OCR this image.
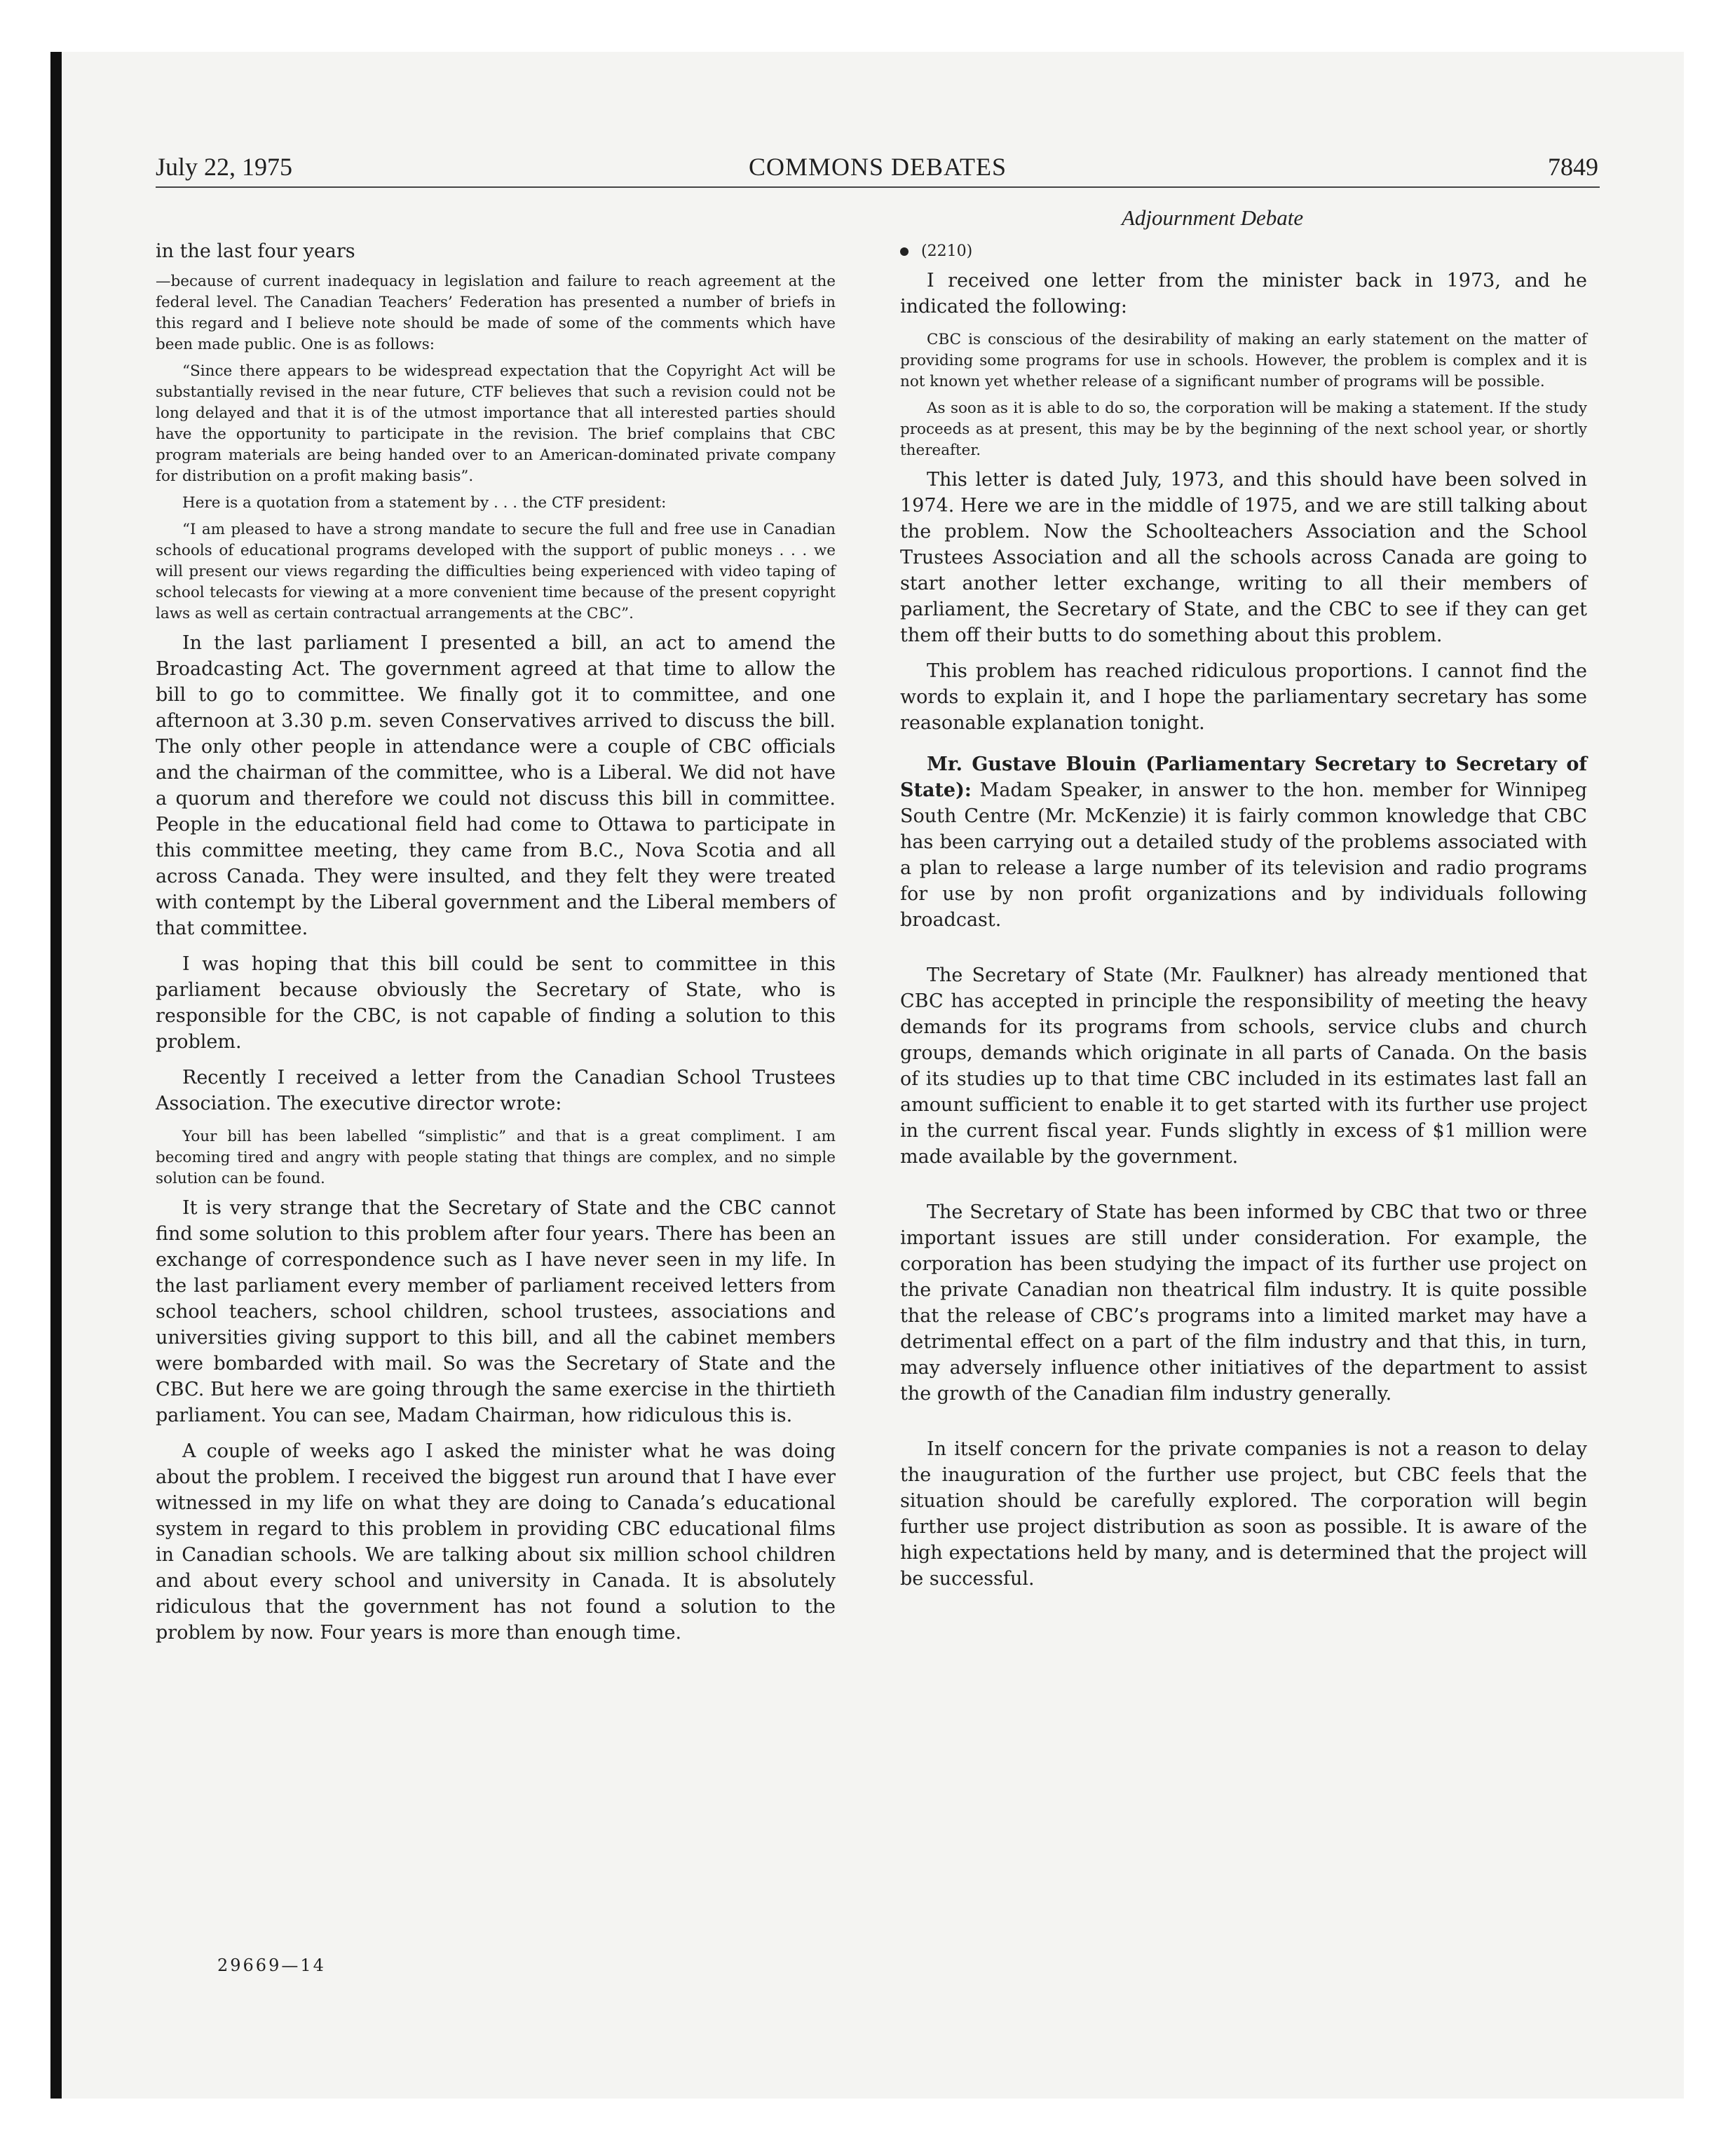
July 22, 1975	COMMONS DEBATES	7849
Adjournment Debate

in the last four years

—because of current inadequacy in legislation and failure to reach agreement at the federal level. The Canadian Teachers’ Federation has presented a number of briefs in this regard and I believe note should be made of some of the comments which have been made public. One is as follows:

“Since there appears to be widespread expectation that the Copyright Act will be substantially revised in the near future, CTF believes that such a revision could not be long delayed and that it is of the utmost importance that all interested parties should have the opportunity to participate in the revision. The brief complains that CBC program materials are being handed over to an American-dominated private company for distribution on a profit making basis”.

Here is a quotation from a statement by . . . the CTF president:

“I am pleased to have a strong mandate to secure the full and free use in Canadian schools of educational programs developed with the support of public moneys . . . we will present our views regarding the difficulties being experienced with video taping of school telecasts for viewing at a more convenient time because of the present copyright laws as well as certain contractual arrangements at the CBC”.

In the last parliament I presented a bill, an act to amend the Broadcasting Act. The government agreed at that time to allow the bill to go to committee. We finally got it to committee, and one afternoon at 3.30 p.m. seven Conservatives arrived to discuss the bill. The only other people in attendance were a couple of CBC officials and the chairman of the committee, who is a Liberal. We did not have a quorum and therefore we could not discuss this bill in committee. People in the educational field had come to Ottawa to participate in this committee meeting, they came from B.C., Nova Scotia and all across Canada. They were insulted, and they felt they were treated with contempt by the Liberal government and the Liberal members of that committee.

I was hoping that this bill could be sent to committee in this parliament because obviously the Secretary of State, who is responsible for the CBC, is not capable of finding a solution to this problem.

Recently I received a letter from the Canadian School Trustees Association. The executive director wrote:

Your bill has been labelled “simplistic” and that is a great compliment. I am becoming tired and angry with people stating that things are complex, and no simple solution can be found.

It is very strange that the Secretary of State and the CBC cannot find some solution to this problem after four years. There has been an exchange of correspondence such as I have never seen in my life. In the last parliament every member of parliament received letters from school teachers, school children, school trustees, associations and universities giving support to this bill, and all the cabinet members were bombarded with mail. So was the Secretary of State and the CBC. But here we are going through the same exercise in the thirtieth parliament. You can see, Madam Chairman, how ridiculous this is.

A couple of weeks ago I asked the minister what he was doing about the problem. I received the biggest run around that I have ever witnessed in my life on what they are doing to Canada’s educational system in regard to this problem in providing CBC educational films in Canadian schools. We are talking about six million school children and about every school and university in Canada. It is absolutely ridiculous that the government has not found a solution to the problem by now. Four years is more than enough time.

(2210)

I received one letter from the minister back in 1973, and he indicated the following:

CBC is conscious of the desirability of making an early statement on the matter of providing some programs for use in schools. However, the problem is complex and it is not known yet whether release of a significant number of programs will be possible.

As soon as it is able to do so, the corporation will be making a statement. If the study proceeds as at present, this may be by the beginning of the next school year, or shortly thereafter.

This letter is dated July, 1973, and this should have been solved in 1974. Here we are in the middle of 1975, and we are still talking about the problem. Now the Schoolteachers Association and the School Trustees Association and all the schools across Canada are going to start another letter exchange, writing to all their members of parliament, the Secretary of State, and the CBC to see if they can get them off their butts to do something about this problem.

This problem has reached ridiculous proportions. I cannot find the words to explain it, and I hope the parliamentary secretary has some reasonable explanation tonight.

Mr. Gustave Blouin (Parliamentary Secretary to Secretary of State): Madam Speaker, in answer to the hon. member for Winnipeg South Centre (Mr. McKenzie) it is fairly common knowledge that CBC has been carrying out a detailed study of the problems associated with a plan to release a large number of its television and radio programs for use by non profit organizations and by individuals following broadcast.

The Secretary of State (Mr. Faulkner) has already mentioned that CBC has accepted in principle the responsibility of meeting the heavy demands for its programs from schools, service clubs and church groups, demands which originate in all parts of Canada. On the basis of its studies up to that time CBC included in its estimates last fall an amount sufficient to enable it to get started with its further use project in the current fiscal year. Funds slightly in excess of $1 million were made available by the government.

The Secretary of State has been informed by CBC that two or three important issues are still under consideration. For example, the corporation has been studying the impact of its further use project on the private Canadian non theatrical film industry. It is quite possible that the release of CBC’s programs into a limited market may have a detrimental effect on a part of the film industry and that this, in turn, may adversely influence other initiatives of the department to assist the growth of the Canadian film industry generally.

In itself concern for the private companies is not a reason to delay the inauguration of the further use project, but CBC feels that the situation should be carefully explored. The corporation will begin further use project distribution as soon as possible. It is aware of the high expectations held by many, and is determined that the project will be successful.

29669—14
